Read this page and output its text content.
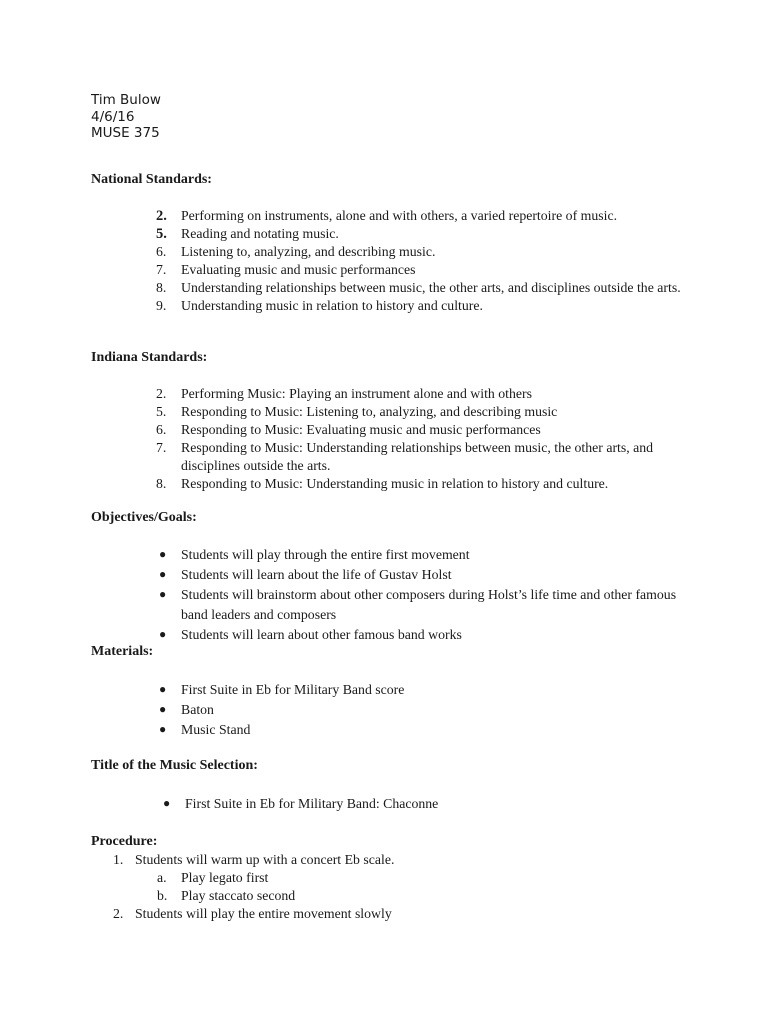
Tim Bulow
4/6/16
MUSE 375
National Standards:
2.	Performing on instruments, alone and with others, a varied repertoire of music.
5.	Reading and notating music.
6.	Listening to, analyzing, and describing music.
7.	Evaluating music and music performances
8.	Understanding relationships between music, the other arts, and disciplines outside the arts.
9.	Understanding music in relation to history and culture.
Indiana Standards:
2.	Performing Music: Playing an instrument alone and with others
5.	Responding to Music: Listening to, analyzing, and describing music
6.	Responding to Music: Evaluating music and music performances
7.	Responding to Music: Understanding relationships between music, the other arts, and disciplines outside the arts.
8.	Responding to Music: Understanding music in relation to history and culture.
Objectives/Goals:
● Students will play through the entire first movement
● Students will learn about the life of Gustav Holst
● Students will brainstorm about other composers during Holst’s life time and other famous band leaders and composers
● Students will learn about other famous band works
Materials:
● First Suite in Eb for Military Band score
● Baton
● Music Stand
Title of the Music Selection:
● First Suite in Eb for Military Band: Chaconne
Procedure:
1. Students will warm up with a concert Eb scale.
a. Play legato first
b. Play staccato second
2. Students will play the entire movement slowly
